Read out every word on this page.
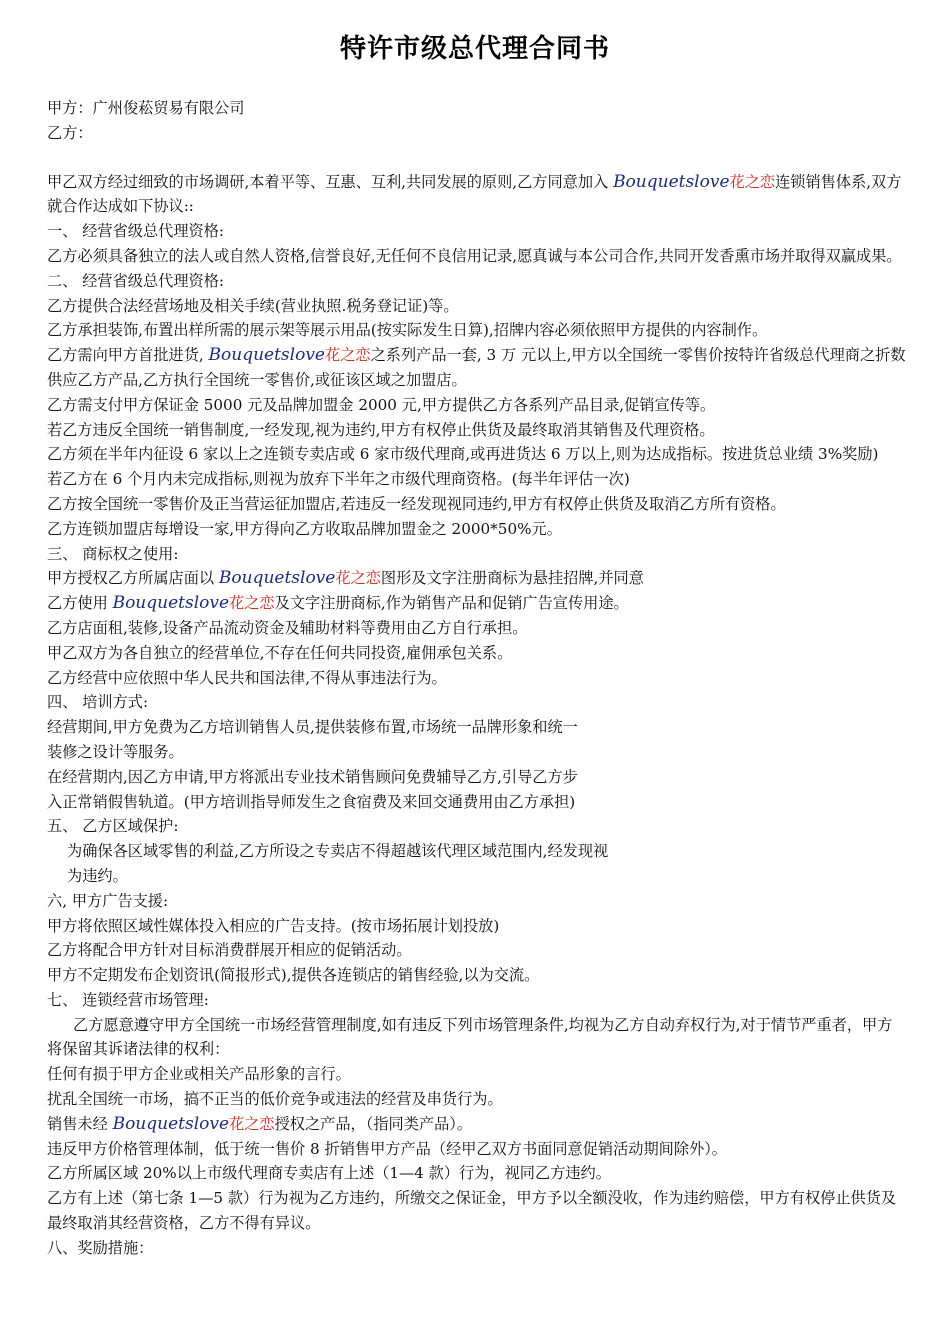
特许市级总代理合同书
甲方：广州俊菘贸易有限公司
乙方：
甲乙双方经过细致的市场调研,本着平等、互惠、互利,共同发展的原则,乙方同意加入 Bouquetslove花之恋连锁销售体系,双方就合作达成如下协议::
一、 经营省级总代理资格:
乙方必须具备独立的法人或自然人资格,信誉良好,无任何不良信用记录,愿真诚与本公司合作,共同开发香熏市场并取得双赢成果。
二、 经营省级总代理资格:
乙方提供合法经营场地及相关手续(营业执照.税务登记证)等。
乙方承担装饰,布置出样所需的展示架等展示用品(按实际发生日算),招牌内容必须依照甲方提供的内容制作。
乙方需向甲方首批进货, Bouquetslove花之恋之系列产品一套, 3 万 元以上,甲方以全国统一零售价按特许省级总代理商之折数供应乙方产品,乙方执行全国统一零售价,或征该区域之加盟店。
乙方需支付甲方保证金 5000 元及品牌加盟金 2000 元,甲方提供乙方各系列产品目录,促销宣传等。
若乙方违反全国统一销售制度,一经发现,视为违约,甲方有权停止供货及最终取消其销售及代理资格。
乙方须在半年内征设 6 家以上之连锁专卖店或 6 家市级代理商,或再进货达 6 万以上,则为达成指标。按进货总业绩 3%奖励)
若乙方在 6 个月内未完成指标,则视为放弃下半年之市级代理商资格。(每半年评估一次)
乙方按全国统一零售价及正当营运征加盟店,若违反一经发现视同违约,甲方有权停止供货及取消乙方所有资格。
乙方连锁加盟店每增设一家,甲方得向乙方收取品牌加盟金之 2000*50%元。
三、 商标权之使用:
甲方授权乙方所属店面以 Bouquetslove花之恋图形及文字注册商标为悬挂招牌,并同意
乙方使用 Bouquetslove花之恋及文字注册商标,作为销售产品和促销广告宣传用途。
乙方店面租,装修,设备产品流动资金及辅助材料等费用由乙方自行承担。
甲乙双方为各自独立的经营单位,不存在任何共同投资,雇佣承包关系。
乙方经营中应依照中华人民共和国法律,不得从事违法行为。
四、 培训方式:
经营期间,甲方免费为乙方培训销售人员,提供装修布置,市场统一品牌形象和统一
装修之设计等服务。
在经营期内,因乙方申请,甲方将派出专业技术销售顾问免费辅导乙方,引导乙方步
入正常销假售轨道。(甲方培训指导师发生之食宿费及来回交通费用由乙方承担)
五、 乙方区域保护:
为确保各区域零售的利益,乙方所设之专卖店不得超越该代理区域范围内,经发现视
为违约。
六, 甲方广告支援:
甲方将依照区域性媒体投入相应的广告支持。(按市场拓展计划投放)
乙方将配合甲方针对目标消费群展开相应的促销活动。
甲方不定期发布企划资讯(简报形式),提供各连锁店的销售经验,以为交流。
七、 连锁经营市场管理:
乙方愿意遵守甲方全国统一市场经营管理制度,如有违反下列市场管理条件,均视为乙方自动弃权行为,对于情节严重者，甲方将保留其诉诸法律的权利：
任何有损于甲方企业或相关产品形象的言行。
扰乱全国统一市场，搞不正当的低价竞争或违法的经营及串货行为。
销售未经 Bouquetslove花之恋授权之产品，（指同类产品）。
违反甲方价格管理体制，低于统一售价 8 折销售甲方产品（经甲乙双方书面同意促销活动期间除外）。
乙方所属区域 20%以上市级代理商专卖店有上述（1—4 款）行为，视同乙方违约。
乙方有上述（第七条 1—5 款）行为视为乙方违约，所缴交之保证金，甲方予以全额没收，作为违约赔偿，甲方有权停止供货及最终取消其经营资格，乙方不得有异议。
八、奖励措施：
